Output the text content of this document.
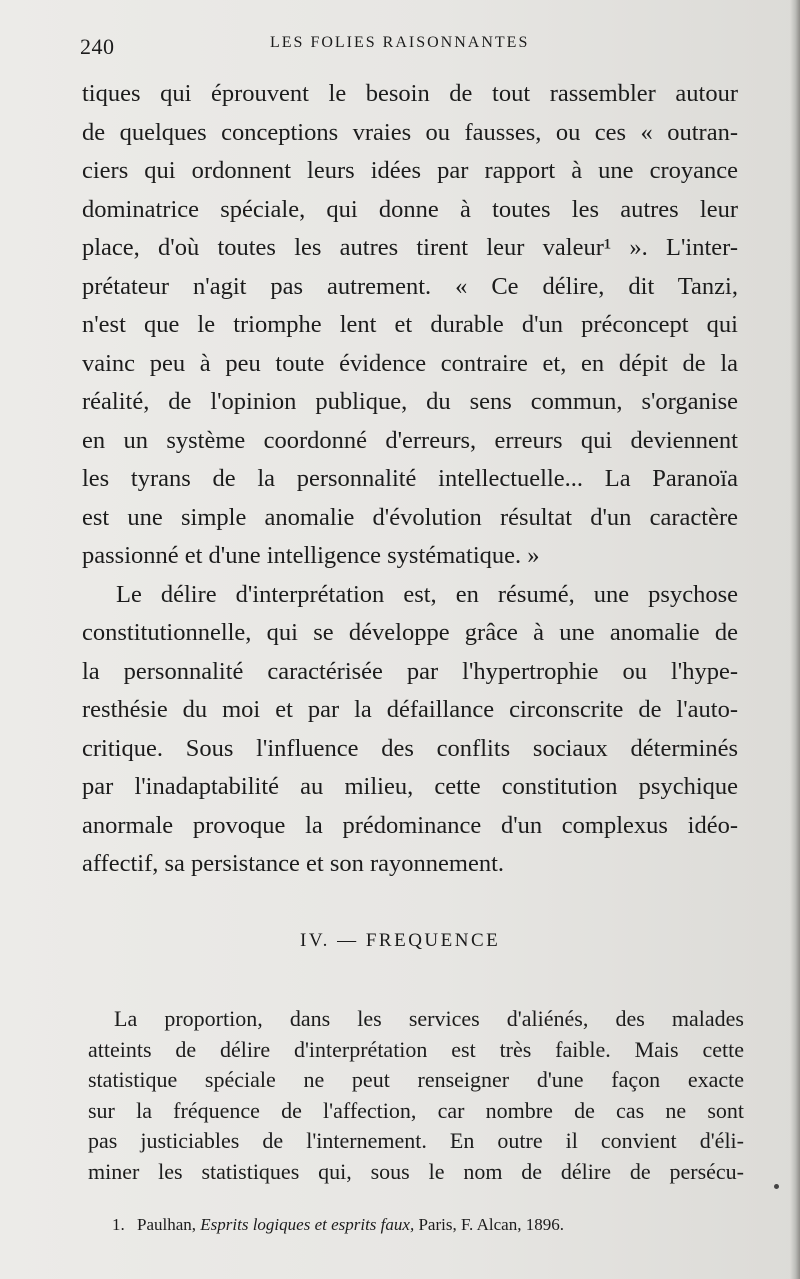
240	LES FOLIES RAISONNANTES
tiques qui éprouvent le besoin de tout rassembler autour
de quelques conceptions vraies ou fausses, ou ces « outran-
ciers qui ordonnent leurs idées par rapport à une croyance
dominatrice spéciale, qui donne à toutes les autres leur
place, d'où toutes les autres tirent leur valeur¹ ». L'inter-
prétateur n'agit pas autrement. « Ce délire, dit Tanzi,
n'est que le triomphe lent et durable d'un préconcept qui
vainc peu à peu toute évidence contraire et, en dépit de la
réalité, de l'opinion publique, du sens commun, s'organise
en un système coordonné d'erreurs, erreurs qui deviennent
les tyrans de la personnalité intellectuelle... La Paranoïa
est une simple anomalie d'évolution résultat d'un caractère
passionné et d'une intelligence systématique. »
Le délire d'interprétation est, en résumé, une psychose
constitutionnelle, qui se développe grâce à une anomalie de
la personnalité caractérisée par l'hypertrophie ou l'hype-
resthésie du moi et par la défaillance circonscrite de l'auto-
critique. Sous l'influence des conflits sociaux déterminés
par l'inadaptabilité au milieu, cette constitution psychique
anormale provoque la prédominance d'un complexus idéo-
affectif, sa persistance et son rayonnement.
IV. — FREQUENCE
La proportion, dans les services d'aliénés, des malades
atteints de délire d'interprétation est très faible. Mais cette
statistique spéciale ne peut renseigner d'une façon exacte
sur la fréquence de l'affection, car nombre de cas ne sont
pas justiciables de l'internement. En outre il convient d'éli-
miner les statistiques qui, sous le nom de délire de persécu-
1. Paulhan, Esprits logiques et esprits faux, Paris, F. Alcan, 1896.
